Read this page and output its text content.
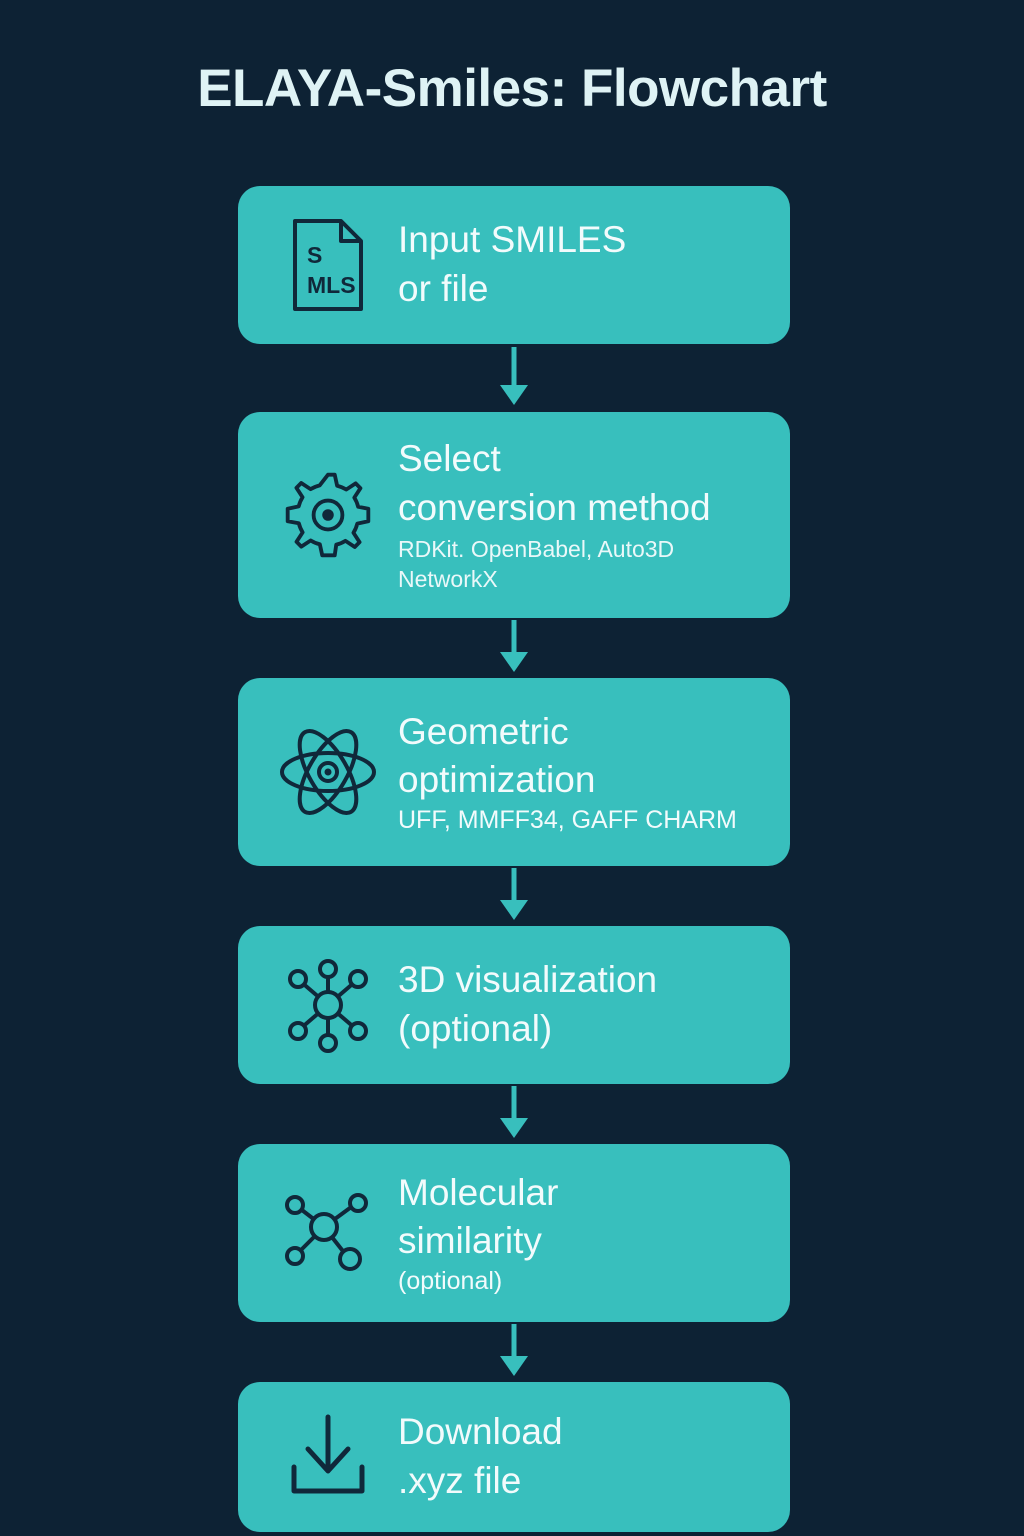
ELAYA-Smiles: Flowchart
S
MLS
Input SMILES
or file
Select
conversion method
RDKit. OpenBabel, Auto3D NetworkX
Geometric
optimization
UFF, MMFF34, GAFF CHARM
3D visualization
(optional)
Molecular
similarity
(optional)
Download
.xyz file
